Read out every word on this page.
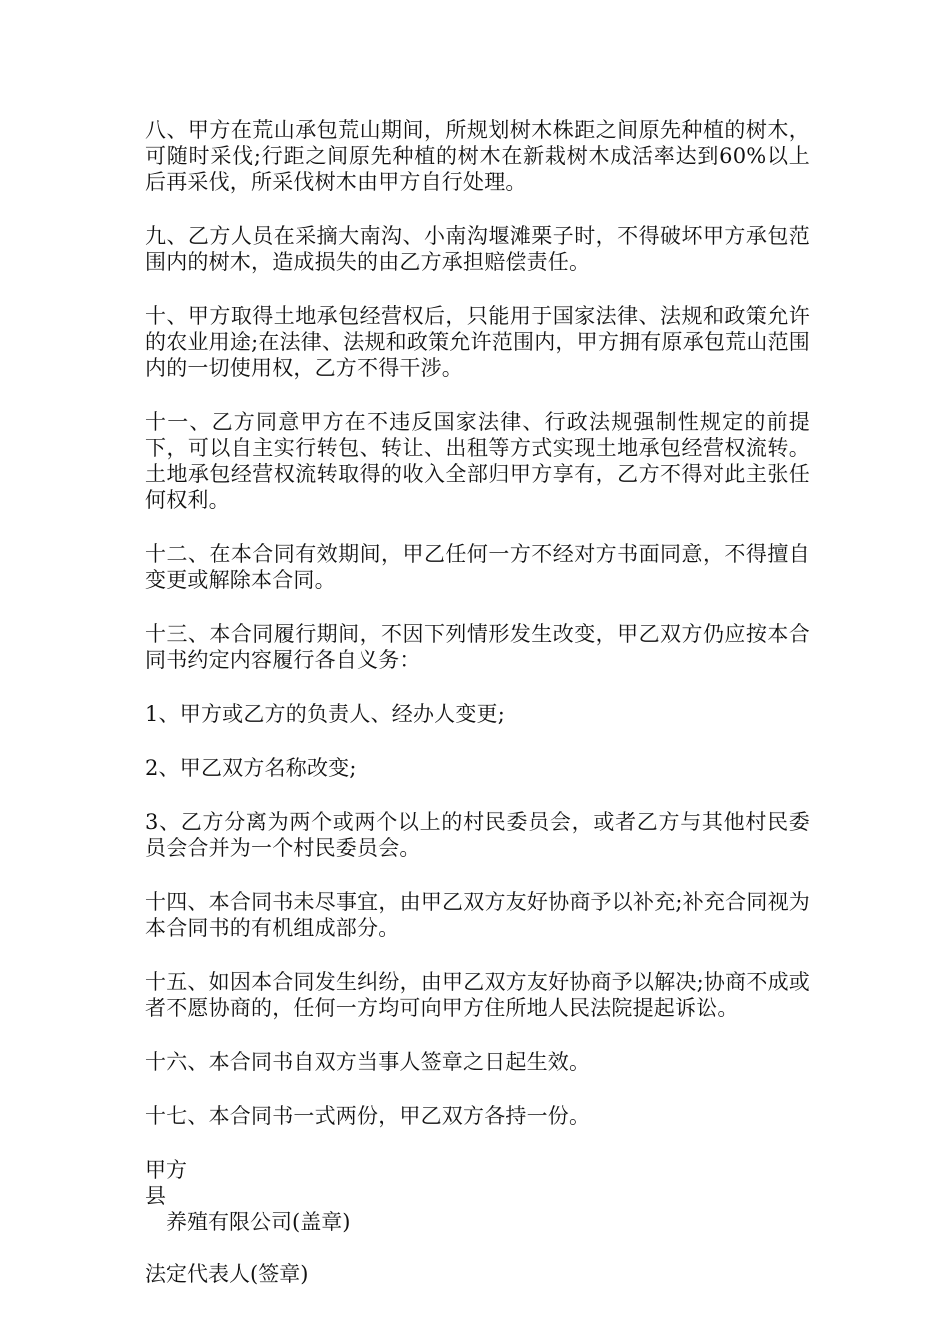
八、甲方在荒山承包荒山期间，所规划树木株距之间原先种植的树木，可随时采伐;行距之间原先种植的树木在新栽树木成活率达到60%以上后再采伐，所采伐树木由甲方自行处理。

九、乙方人员在采摘大南沟、小南沟堰滩栗子时，不得破坏甲方承包范围内的树木，造成损失的由乙方承担赔偿责任。

十、甲方取得土地承包经营权后，只能用于国家法律、法规和政策允许的农业用途;在法律、法规和政策允许范围内，甲方拥有原承包荒山范围内的一切使用权，乙方不得干涉。

十一、乙方同意甲方在不违反国家法律、行政法规强制性规定的前提下，可以自主实行转包、转让、出租等方式实现土地承包经营权流转。土地承包经营权流转取得的收入全部归甲方享有，乙方不得对此主张任何权利。

十二、在本合同有效期间，甲乙任何一方不经对方书面同意，不得擅自变更或解除本合同。

十三、本合同履行期间，不因下列情形发生改变，甲乙双方仍应按本合同书约定内容履行各自义务：

1、甲方或乙方的负责人、经办人变更;

2、甲乙双方名称改变;

3、乙方分离为两个或两个以上的村民委员会，或者乙方与其他村民委员会合并为一个村民委员会。

十四、本合同书未尽事宜，由甲乙双方友好协商予以补充;补充合同视为本合同书的有机组成部分。

十五、如因本合同发生纠纷，由甲乙双方友好协商予以解决;协商不成或者不愿协商的，任何一方均可向甲方住所地人民法院提起诉讼。

十六、本合同书自双方当事人签章之日起生效。

十七、本合同书一式两份，甲乙双方各持一份。

甲方

县

养殖有限公司(盖章)

法定代表人(签章)
